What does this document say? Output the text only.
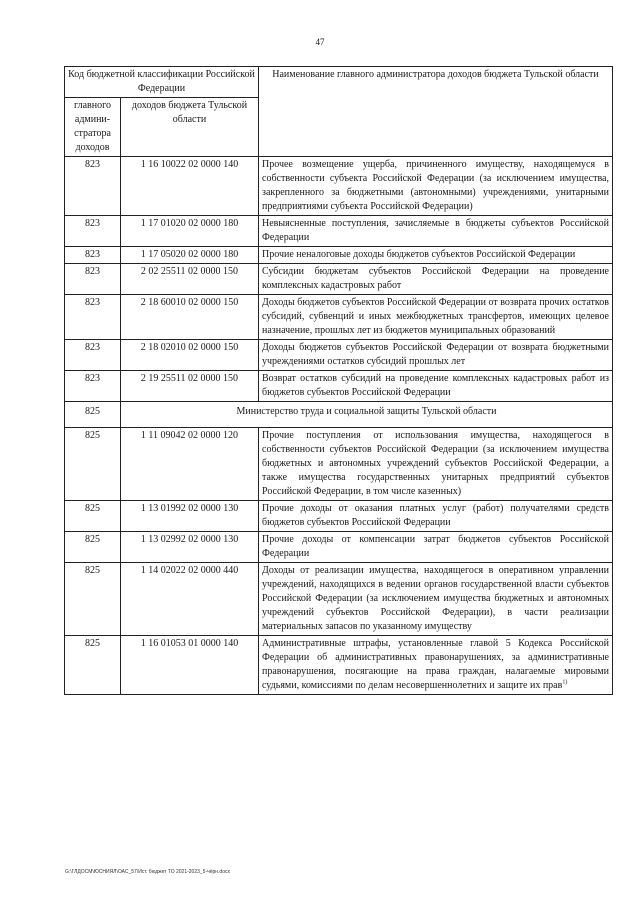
47
Код бюджетной классификации Российской Федерации		Наименование главного администратора доходов бюджета Тульской области
главного админи-стратора доходов	доходов бюджета Тульской области	
823	1 16 10022 02 0000 140	Прочее возмещение ущерба, причиненного имуществу, находящемуся в собственности субъекта Российской Федерации (за исключением имущества, закрепленного за бюджетными (автономными) учреждениями, унитарными предприятиями субъекта Российской Федерации)
823	1 17 01020 02 0000 180	Невыясненные поступления, зачисляемые в бюджеты субъектов Российской Федерации
823	1 17 05020 02 0000 180	Прочие неналоговые доходы бюджетов субъектов Российской Федерации
823	2 02 25511 02 0000 150	Субсидии бюджетам субъектов Российской Федерации на проведение комплексных кадастровых работ
823	2 18 60010 02 0000 150	Доходы бюджетов субъектов Российской Федерации от возврата прочих остатков субсидий, субвенций и иных межбюджетных трансфертов, имеющих целевое назначение, прошлых лет из бюджетов муниципальных образований
823	2 18 02010 02 0000 150	Доходы бюджетов субъектов Российской Федерации от возврата бюджетными учреждениями остатков субсидий прошлых лет
823	2 19 25511 02 0000 150	Возврат остатков субсидий на проведение комплексных кадастровых работ из бюджетов субъектов Российской Федерации
825	Министерство труда и социальной защиты Тульской области	
825	1 11 09042 02 0000 120	Прочие поступления от использования имущества, находящегося в собственности субъектов Российской Федерации (за исключением имущества бюджетных и автономных учреждений субъектов Российской Федерации, а также имущества государственных унитарных предприятий субъектов Российской Федерации, в том числе казенных)
825	1 13 01992 02 0000 130	Прочие доходы от оказания платных услуг (работ) получателями средств бюджетов субъектов Российской Федерации
825	1 13 02992 02 0000 130	Прочие доходы от компенсации затрат бюджетов субъектов Российской Федерации
825	1 14 02022 02 0000 440	Доходы от реализации имущества, находящегося в оперативном управлении учреждений, находящихся в ведении органов государственной власти субъектов Российской Федерации (за исключением имущества бюджетных и автономных учреждений субъектов Российской Федерации), в части реализации материальных запасов по указанному имуществу
825	1 16 01053 01 0000 140	Административные штрафы, установленные главой 5 Кодекса Российской Федерации об административных правонарушениях, за административные правонарушения, посягающие на права граждан, налагаемые мировыми судьями, комиссиями по делам несовершеннолетних и защите их прав$^{1)}$
G:\ГЛДОСМ\ЮСНИЯЛ\ОАС_57\Ист. бюджет ТО 2021-2023_5-чёрн.docx
